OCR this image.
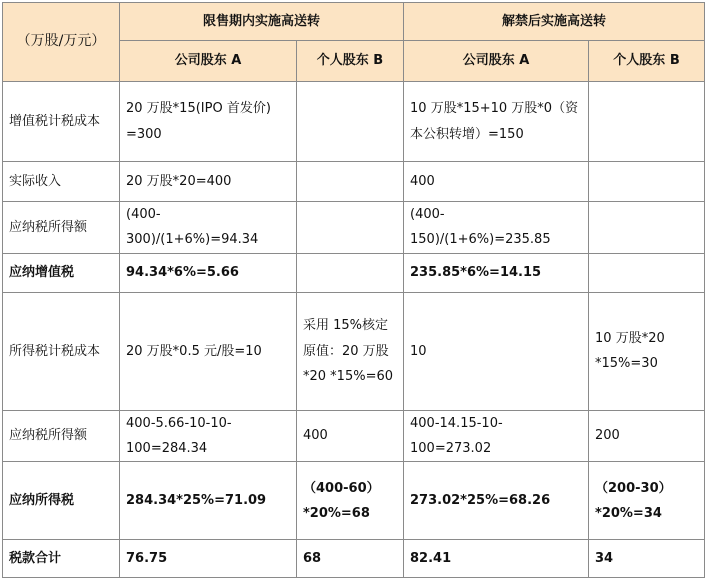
（万股/万元）	限售期内实施高送转		解禁后实施高送转	
	公司股东 A	个人股东 B	公司股东 A	个人股东 B
增值税计税成本	20 万股*15(IPO 首发价)
=300		10 万股*15+10 万股*0（资
本公积转增）=150	
实际收入	20 万股*20=400		400	
应纳税所得额	(400-300)/(1+6%)=94.34		(400-150)/(1+6%)=235.85	
应纳增值税	94.34*6%=5.66		235.85*6%=14.15	
所得税计税成本	20 万股*0.5 元/股=10	采用 15%核定
原值：20 万股
*20 *15%=60	10	10 万股*20
*15%=30
应纳税所得额	400-5.66-10-10-100=284.34	400	400-14.15-10-100=273.02	200
应纳所得税	284.34*25%=71.09	（400-60）
*20%=68	273.02*25%=68.26	（200-30）
*20%=34
税款合计	76.75	68	82.41	34
